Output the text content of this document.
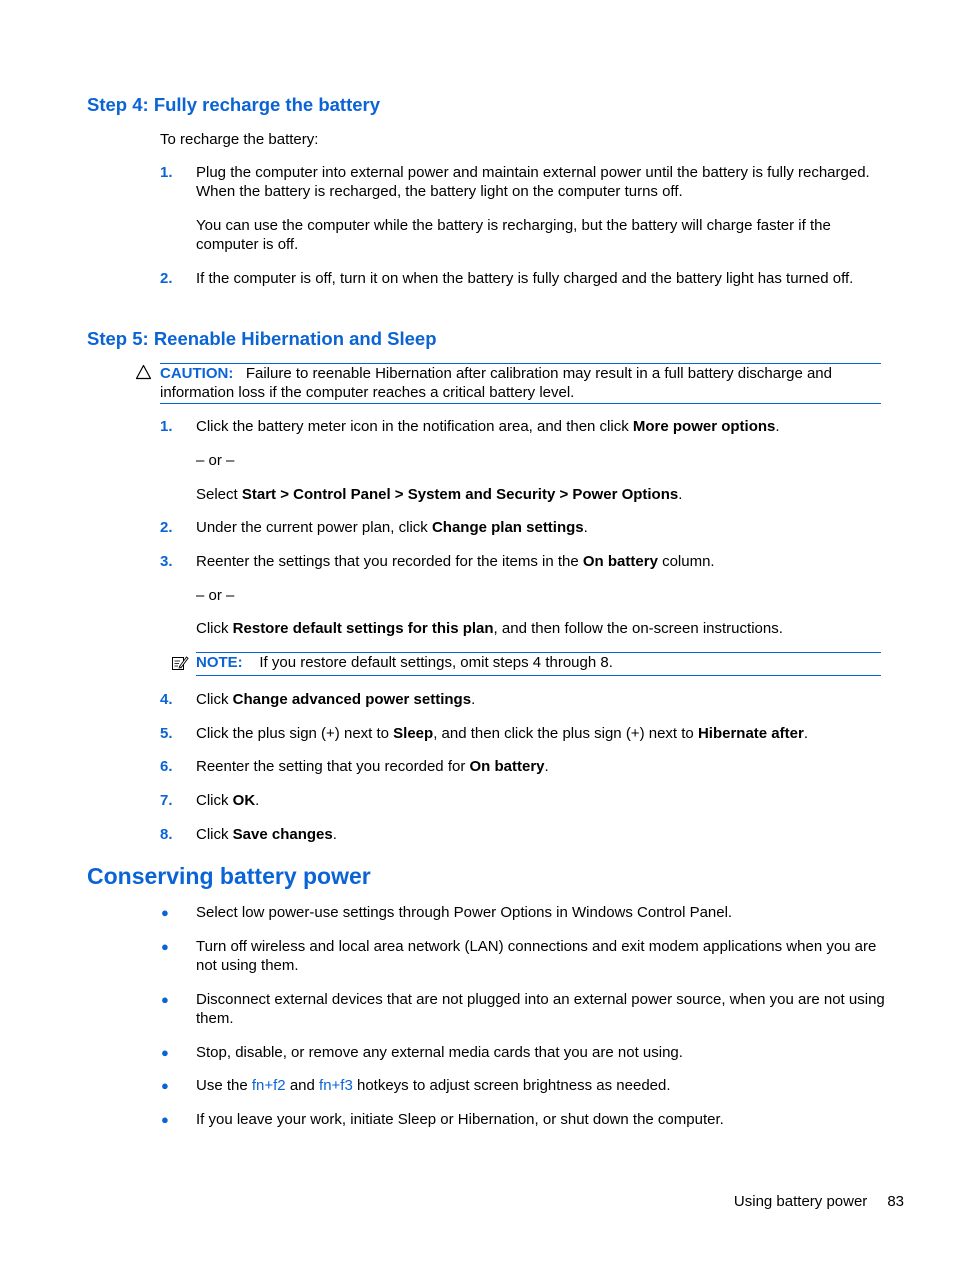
Step 4: Fully recharge the battery
To recharge the battery:
1. Plug the computer into external power and maintain external power until the battery is fully recharged. When the battery is recharged, the battery light on the computer turns off.
You can use the computer while the battery is recharging, but the battery will charge faster if the computer is off.
2. If the computer is off, turn it on when the battery is fully charged and the battery light has turned off.
Step 5: Reenable Hibernation and Sleep
CAUTION: Failure to reenable Hibernation after calibration may result in a full battery discharge and information loss if the computer reaches a critical battery level.
1. Click the battery meter icon in the notification area, and then click More power options.
– or –
Select Start > Control Panel > System and Security > Power Options.
2. Under the current power plan, click Change plan settings.
3. Reenter the settings that you recorded for the items in the On battery column.
– or –
Click Restore default settings for this plan, and then follow the on-screen instructions.
NOTE: If you restore default settings, omit steps 4 through 8.
4. Click Change advanced power settings.
5. Click the plus sign (+) next to Sleep, and then click the plus sign (+) next to Hibernate after.
6. Reenter the setting that you recorded for On battery.
7. Click OK.
8. Click Save changes.
Conserving battery power
● Select low power-use settings through Power Options in Windows Control Panel.
● Turn off wireless and local area network (LAN) connections and exit modem applications when you are not using them.
● Disconnect external devices that are not plugged into an external power source, when you are not using them.
● Stop, disable, or remove any external media cards that you are not using.
● Use the fn+f2 and fn+f3 hotkeys to adjust screen brightness as needed.
● If you leave your work, initiate Sleep or Hibernation, or shut down the computer.
Using battery power 83
